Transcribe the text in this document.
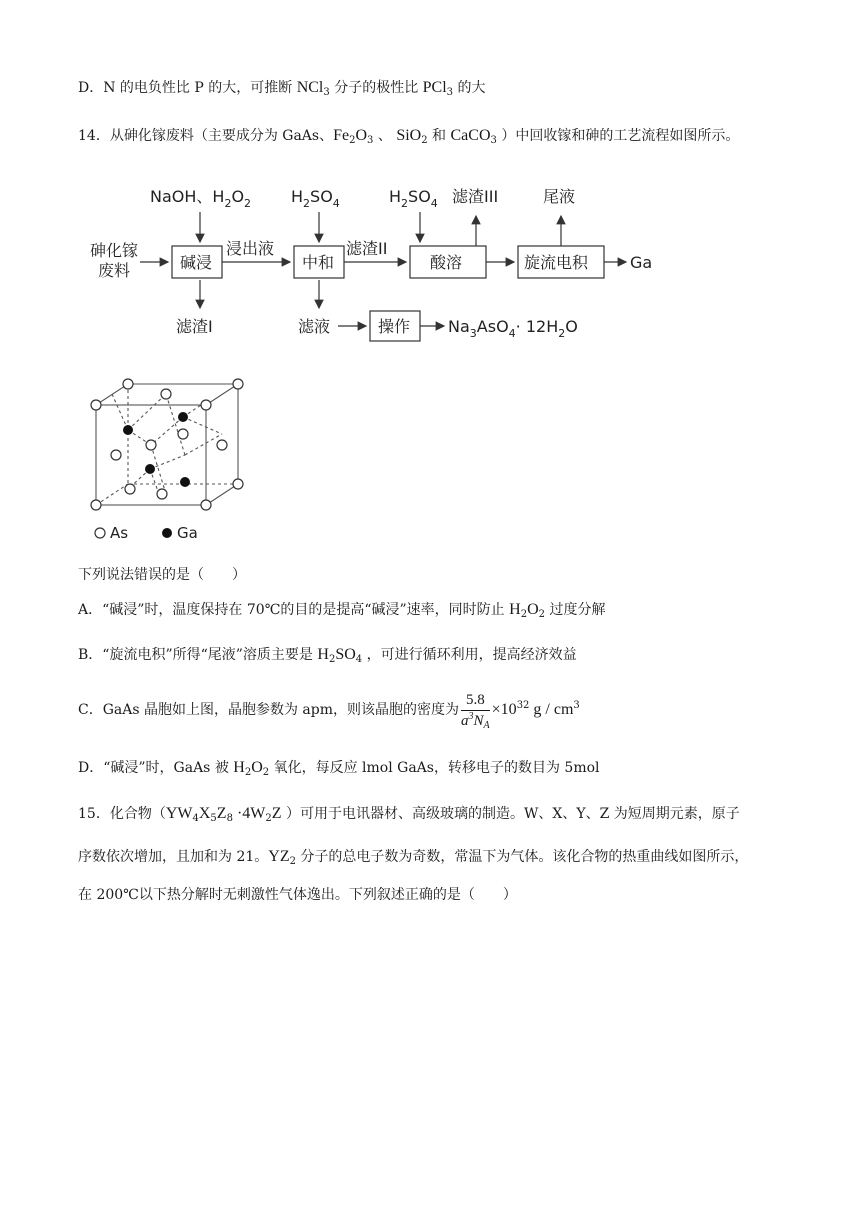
D．N 的电负性比 P 的大，可推断 NCl$_3$ 分子的极性比 PCl$_3$ 的大
14．从砷化镓废料（主要成分为 GaAs、$Fe_2O_3$ 、 SiO$_2$ 和 CaCO$_3$ ）中回收镓和砷的工艺流程如图所示。
砷化镓
废料	碱浸
NaOH、$H_2O_2$
滤渣I
浸出液
中和
$H_2SO_4$
滤液	操作 $Na_3AsO_4\cdot 12H_2O$
滤渣II
酸溶
$H_2SO_4$ 滤渣III
旋流电积
尾液
Ga
As	Ga
下列说法错误的是（　　）
A．“碱浸”时，温度保持在 70℃的目的是提高“碱浸”速率，同时防止 $H_2O_2$ 过度分解
B．“旋流电积”所得“尾液”溶质主要是 $H_2SO_4$ ，可进行循环利用，提高经济效益
C．GaAs 晶胞如上图，晶胞参数为 apm，则该晶胞的密度为 $\frac{5.8}{a^3N_A} \times 10^{32}$ g / $cm^3$
D．“碱浸”时，GaAs 被 $H_2O_2$ 氧化，每反应 lmol GaAs，转移电子的数目为 5mol
15．化合物（$YW_4X_5Z_8 \cdot 4W_2Z$ ）可用于电讯器材、高级玻璃的制造。W、X、Y、Z 为短周期元素，原子
序数依次增加，且加和为 21。$YZ_2$ 分子的总电子数为奇数，常温下为气体。该化合物的热重曲线如图所示，
在 200℃以下热分解时无刺激性气体逸出。下列叙述正确的是（　　）
